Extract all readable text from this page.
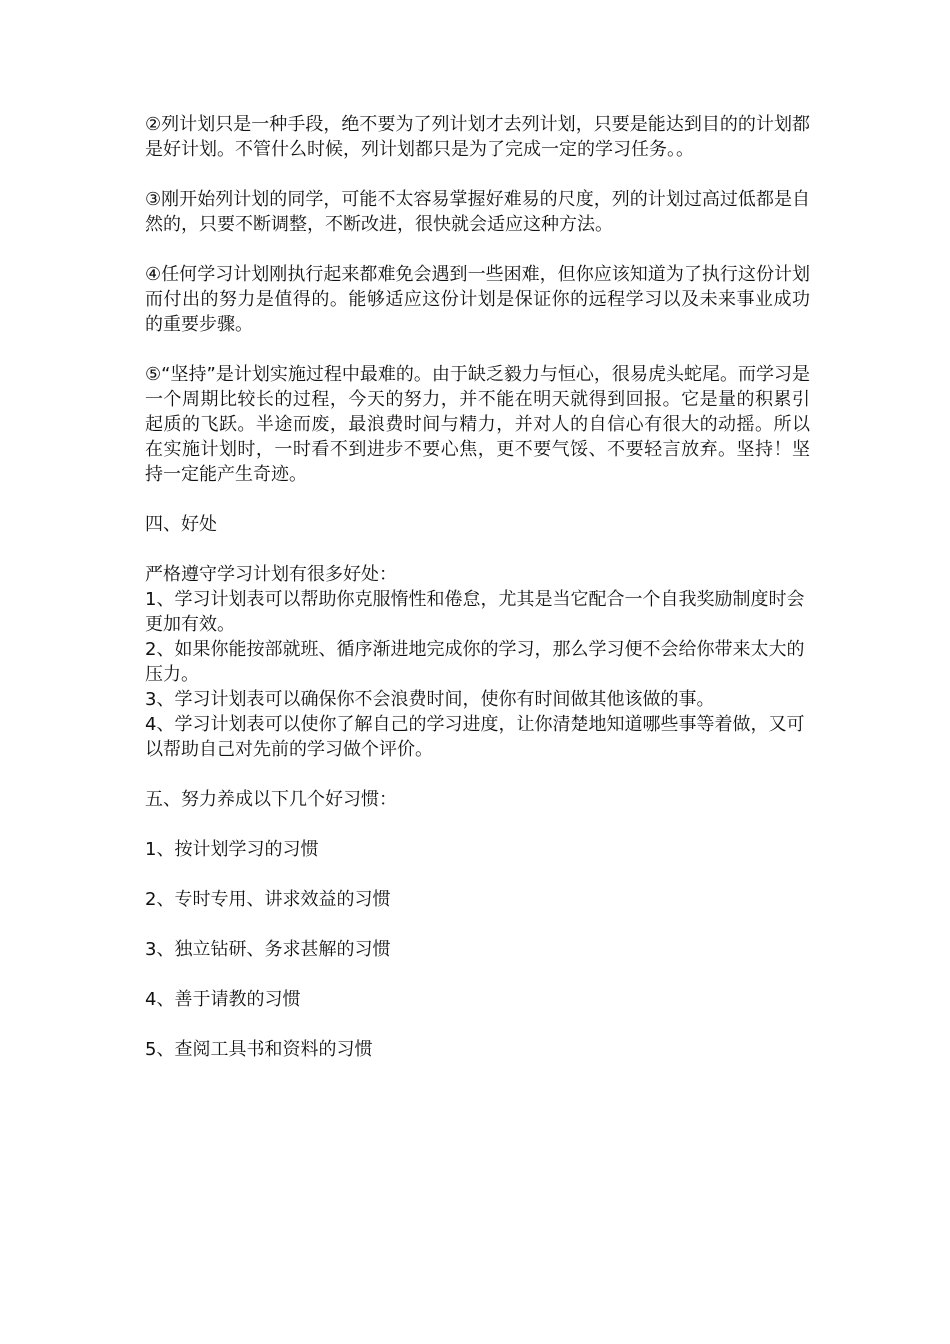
②列计划只是一种手段，绝不要为了列计划才去列计划，只要是能达到目的的计划都是好计划。不管什么时候，列计划都只是为了完成一定的学习任务。。

③刚开始列计划的同学，可能不太容易掌握好难易的尺度，列的计划过高过低都是自然的，只要不断调整，不断改进，很快就会适应这种方法。

④任何学习计划刚执行起来都难免会遇到一些困难，但你应该知道为了执行这份计划而付出的努力是值得的。能够适应这份计划是保证你的远程学习以及未来事业成功的重要步骤。

⑤“坚持”是计划实施过程中最难的。由于缺乏毅力与恒心，很易虎头蛇尾。而学习是一个周期比较长的过程，今天的努力，并不能在明天就得到回报。它是量的积累引起质的飞跃。半途而废，最浪费时间与精力，并对人的自信心有很大的动摇。所以在实施计划时，一时看不到进步不要心焦，更不要气馁、不要轻言放弃。坚持！坚持一定能产生奇迹。

四、好处

严格遵守学习计划有很多好处：

1、学习计划表可以帮助你克服惰性和倦怠，尤其是当它配合一个自我奖励制度时会更加有效。

2、如果你能按部就班、循序渐进地完成你的学习，那么学习便不会给你带来太大的压力。

3、学习计划表可以确保你不会浪费时间，使你有时间做其他该做的事。

4、学习计划表可以使你了解自己的学习进度，让你清楚地知道哪些事等着做，又可以帮助自己对先前的学习做个评价。

五、努力养成以下几个好习惯：

1、按计划学习的习惯

2、专时专用、讲求效益的习惯

3、独立钻研、务求甚解的习惯

4、善于请教的习惯

5、查阅工具书和资料的习惯
